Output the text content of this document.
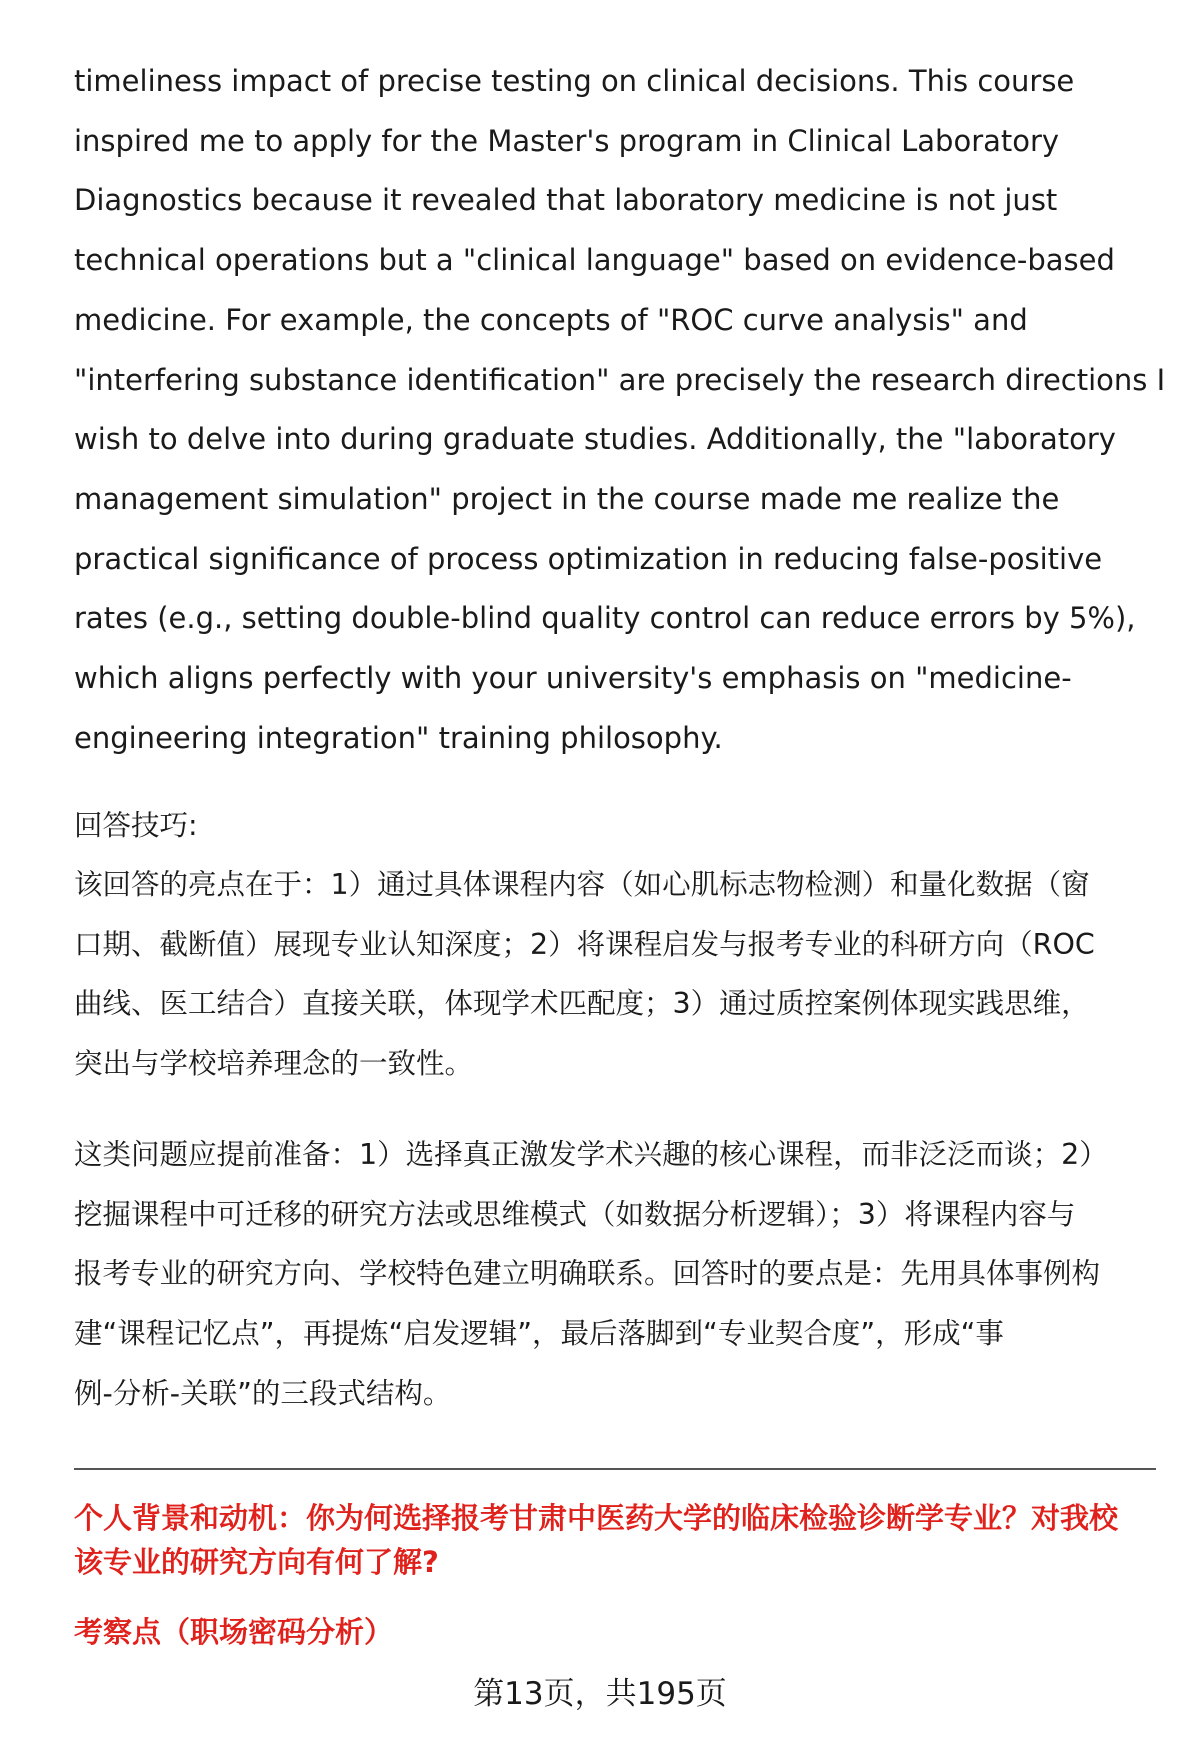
timeliness impact of precise testing on clinical decisions. This course
inspired me to apply for the Master's program in Clinical Laboratory
Diagnostics because it revealed that laboratory medicine is not just
technical operations but a "clinical language" based on evidence-based
medicine. For example, the concepts of "ROC curve analysis" and
"interfering substance identification" are precisely the research directions I
wish to delve into during graduate studies. Additionally, the "laboratory
management simulation" project in the course made me realize the
practical significance of process optimization in reducing false-positive
rates (e.g., setting double-blind quality control can reduce errors by 5%),
which aligns perfectly with your university's emphasis on "medicine-
engineering integration" training philosophy.
回答技巧:
该回答的亮点在于：1）通过具体课程内容（如心肌标志物检测）和量化数据（窗
口期、截断值）展现专业认知深度；2）将课程启发与报考专业的科研方向（ROC
曲线、医工结合）直接关联，体现学术匹配度；3）通过质控案例体现实践思维，
突出与学校培养理念的一致性。
这类问题应提前准备：1）选择真正激发学术兴趣的核心课程，而非泛泛而谈；2）
挖掘课程中可迁移的研究方法或思维模式（如数据分析逻辑）；3）将课程内容与
报考专业的研究方向、学校特色建立明确联系。回答时的要点是：先用具体事例构
建“课程记忆点”，再提炼“启发逻辑”，最后落脚到“专业契合度”，形成“事
例-分析-关联”的三段式结构。
个人背景和动机：你为何选择报考甘肃中医药大学的临床检验诊断学专业？对我校
该专业的研究方向有何了解?
考察点（职场密码分析）
第13页，共195页
